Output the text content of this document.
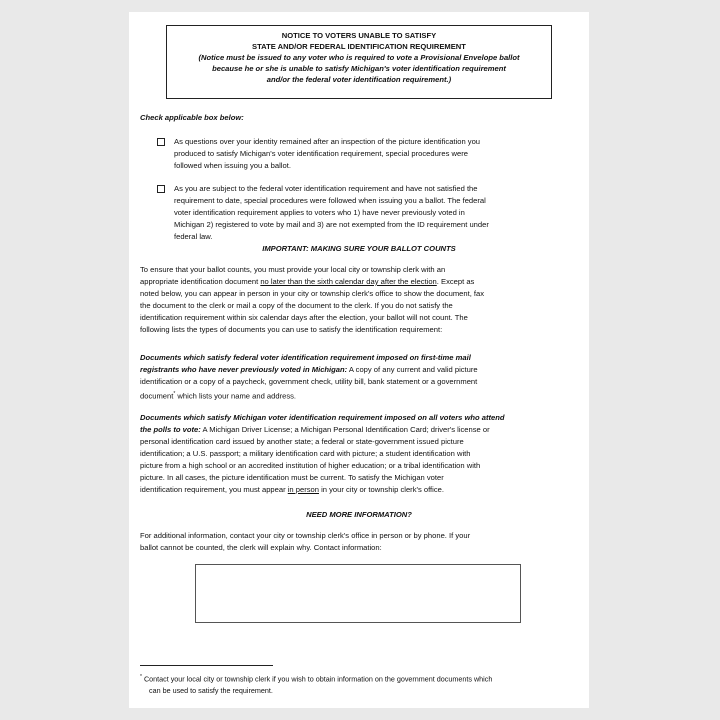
NOTICE TO VOTERS UNABLE TO SATISFY
STATE AND/OR FEDERAL IDENTIFICATION REQUIREMENT
(Notice must be issued to any voter who is required to vote a Provisional Envelope ballot
because he or she is unable to satisfy Michigan's voter identification requirement
and/or the federal voter identification requirement.)
Check applicable box below:
As questions over your identity remained after an inspection of the picture identification you
produced to satisfy Michigan's voter identification requirement, special procedures were
followed when issuing you a ballot.
As you are subject to the federal voter identification requirement and have not satisfied the
requirement to date, special procedures were followed when issuing you a ballot. The federal
voter identification requirement applies to voters who 1) have never previously voted in
Michigan 2) registered to vote by mail and 3) are not exempted from the ID requirement under
federal law.
IMPORTANT: MAKING SURE YOUR BALLOT COUNTS
To ensure that your ballot counts, you must provide your local city or township clerk with an
appropriate identification document no later than the sixth calendar day after the election. Except as
noted below, you can appear in person in your city or township clerk's office to show the document, fax
the document to the clerk or mail a copy of the document to the clerk. If you do not satisfy the
identification requirement within six calendar days after the election, your ballot will not count. The
following lists the types of documents you can use to satisfy the identification requirement:
Documents which satisfy federal voter identification requirement imposed on first-time mail
registrants who have never previously voted in Michigan: A copy of any current and valid picture
identification or a copy of a paycheck, government check, utility bill, bank statement or a government
document* which lists your name and address.
Documents which satisfy Michigan voter identification requirement imposed on all voters who attend
the polls to vote: A Michigan Driver License; a Michigan Personal Identification Card; driver's license or
personal identification card issued by another state; a federal or state-government issued picture
identification; a U.S. passport; a military identification card with picture; a student identification with
picture from a high school or an accredited institution of higher education; or a tribal identification with
picture. In all cases, the picture identification must be current. To satisfy the Michigan voter
identification requirement, you must appear in person in your city or township clerk's office.
NEED MORE INFORMATION?
For additional information, contact your city or township clerk's office in person or by phone. If your
ballot cannot be counted, the clerk will explain why. Contact information:
* Contact your local city or township clerk if you wish to obtain information on the government documents which
can be used to satisfy the requirement.
